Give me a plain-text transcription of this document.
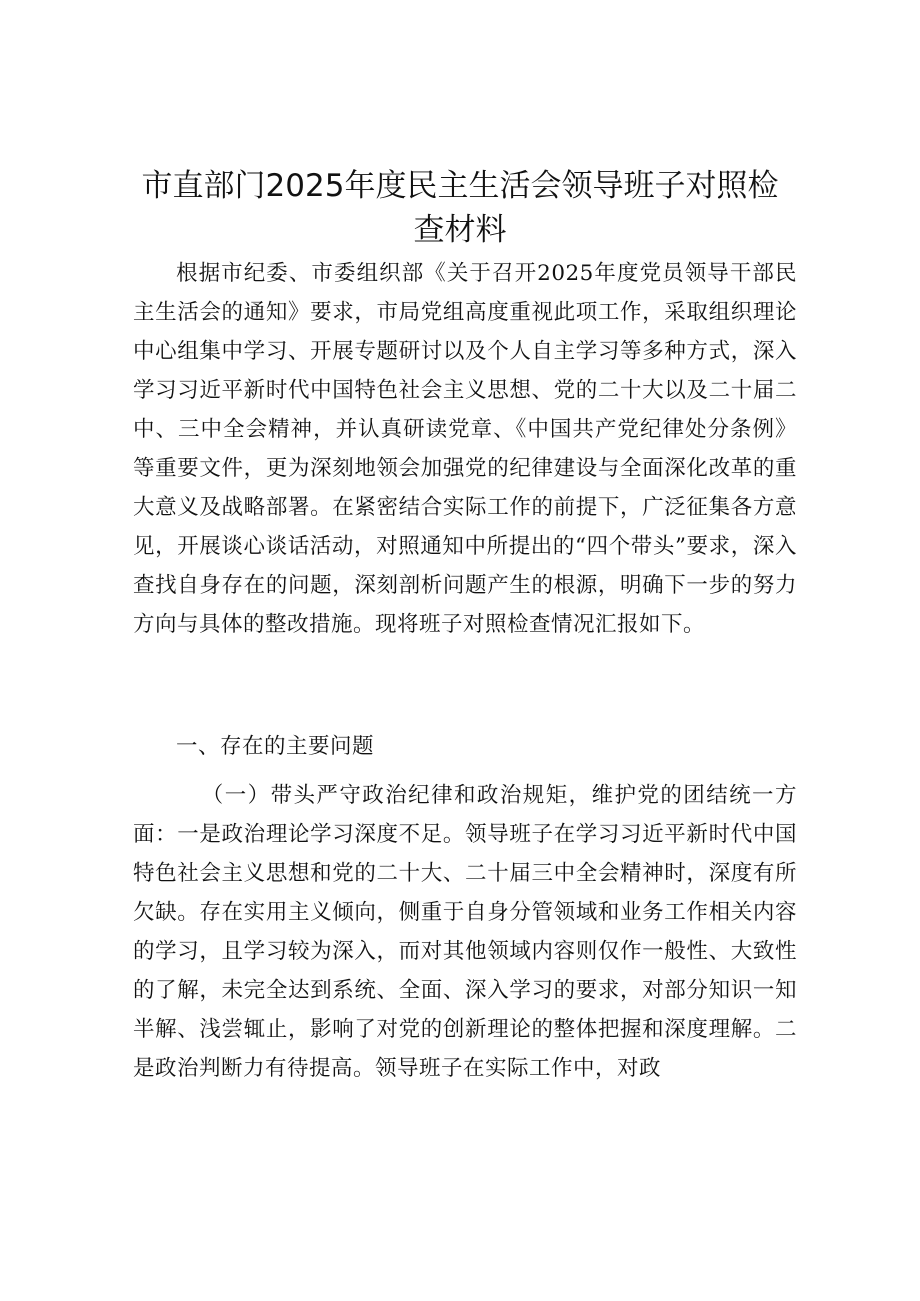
市直部门2025年度民主生活会领导班子对照检
查材料

根据市纪委、市委组织部《关于召开2025年度党员领导干部民主生活会的通知》要求，市局党组高度重视此项工作，采取组织理论中心组集中学习、开展专题研讨以及个人自主学习等多种方式，深入学习习近平新时代中国特色社会主义思想、党的二十大以及二十届二中、三中全会精神，并认真研读党章、《中国共产党纪律处分条例》等重要文件，更为深刻地领会加强党的纪律建设与全面深化改革的重大意义及战略部署。在紧密结合实际工作的前提下，广泛征集各方意见，开展谈心谈话活动，对照通知中所提出的“四个带头”要求，深入查找自身存在的问题，深刻剖析问题产生的根源，明确下一步的努力方向与具体的整改措施。现将班子对照检查情况汇报如下。

一、存在的主要问题

（一）带头严守政治纪律和政治规矩，维护党的团结统一方面：一是政治理论学习深度不足。领导班子在学习习近平新时代中国特色社会主义思想和党的二十大、二十届三中全会精神时，深度有所欠缺。存在实用主义倾向，侧重于自身分管领域和业务工作相关内容的学习，且学习较为深入，而对其他领域内容则仅作一般性、大致性的了解，未完全达到系统、全面、深入学习的要求，对部分知识一知半解、浅尝辄止，影响了对党的创新理论的整体把握和深度理解。二是政治判断力有待提高。领导班子在实际工作中，对政
